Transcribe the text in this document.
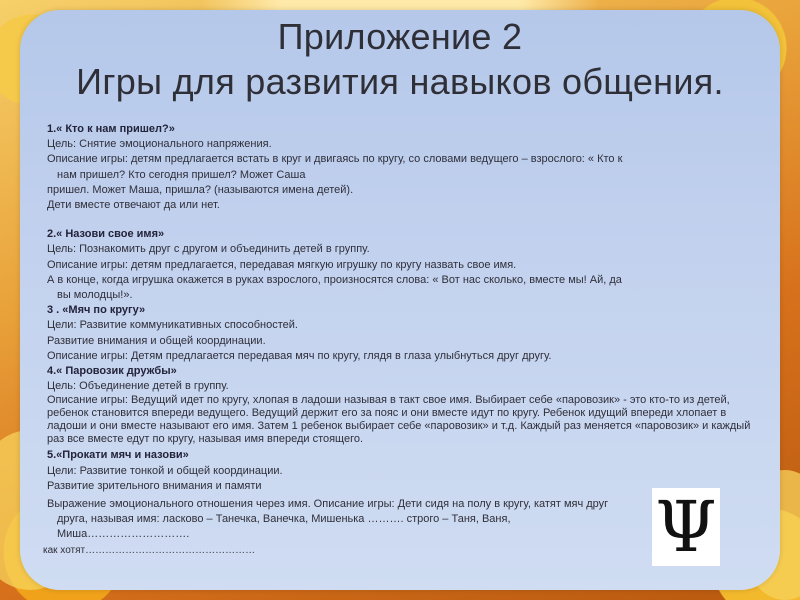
Приложение 2
Игры для развития навыков общения.

1.« Кто к нам пришел?»

Цель: Снятие эмоционального напряжения.

Описание игры: детям предлагается встать в круг и двигаясь по кругу, со словами ведущего – взрослого: « Кто к

нам пришел? Кто сегодня пришел? Может Саша

пришел. Может Маша, пришла? (называются имена детей).

Дети вместе отвечают да или нет.

2.« Назови свое имя»

Цель: Познакомить друг с другом и объединить детей в группу.

Описание игры: детям предлагается, передавая мягкую игрушку по кругу назвать свое имя.

А в конце, когда игрушка окажется в руках взрослого, произносятся слова: « Вот нас сколько, вместе мы! Ай, да

вы молодцы!».

3 . «Мяч по кругу»

Цели: Развитие коммуникативных способностей.

Развитие внимания и общей координации.

Описание игры: Детям предлагается передавая мяч по кругу, глядя в глаза улыбнуться друг другу.

4.« Паровозик дружбы»

Цель: Объединение детей в группу.

Описание игры: Ведущий идет по кругу, хлопая в ладоши называя в такт свое имя. Выбирает себе «паровозик» - это кто-то из детей, ребенок становится впереди ведущего. Ведущий держит его за пояс и они вместе идут по кругу. Ребенок идущий впереди хлопает в ладоши и они вместе называют его имя. Затем 1 ребенок выбирает себе «паровозик» и т.д. Каждый раз меняется «паровозик» и каждый раз все вместе едут по кругу, называя имя впереди стоящего.

5.«Прокати мяч и назови»

Цели: Развитие тонкой и общей координации.

Развитие зрительного внимания и памяти

Выражение эмоционального отношения через имя. Описание игры: Дети сидя на полу в кругу, катят мяч друг

друга, называя имя: ласково – Танечка, Ванечка, Мишенька ………. строго – Таня, Ваня,

Миша……………………….

как хотят……………………………………………	Ψ
